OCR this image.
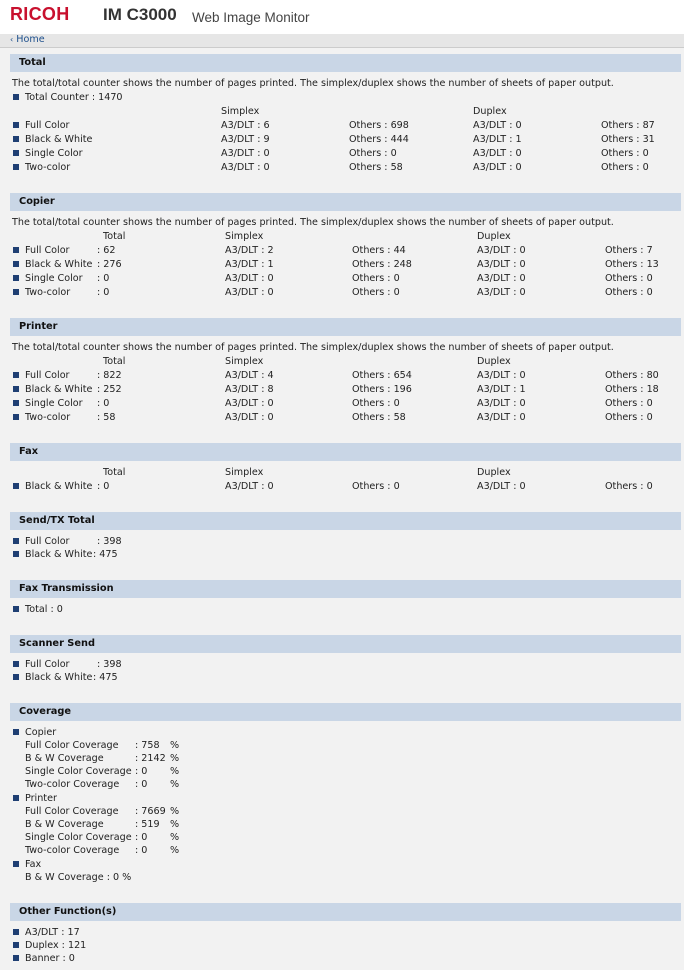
RICOH IM C3000 Web Image Monitor
‹ Home
Total
The total/total counter shows the number of pages printed. The simplex/duplex shows the number of sheets of paper output.
Total Counter : 1470
Simplex	Duplex
Full Color	A3/DLT : 6	Others : 698	A3/DLT : 0	Others : 87
Black & White	A3/DLT : 9	Others : 444	A3/DLT : 1	Others : 31
Single Color	A3/DLT : 0	Others : 0	A3/DLT : 0	Others : 0
Two-color	A3/DLT : 0	Others : 58	A3/DLT : 0	Others : 0
Copier
The total/total counter shows the number of pages printed. The simplex/duplex shows the number of sheets of paper output.
Total	Simplex	Duplex
Full Color	: 62	A3/DLT : 2	Others : 44	A3/DLT : 0	Others : 7
Black & White : 276	A3/DLT : 1	Others : 248	A3/DLT : 0	Others : 13
Single Color : 0	A3/DLT : 0	Others : 0	A3/DLT : 0	Others : 0
Two-color	: 0	A3/DLT : 0	Others : 0	A3/DLT : 0	Others : 0
Printer
The total/total counter shows the number of pages printed. The simplex/duplex shows the number of sheets of paper output.
Total	Simplex	Duplex
Full Color	: 822	A3/DLT : 4	Others : 654	A3/DLT : 0	Others : 80
Black & White : 252	A3/DLT : 8	Others : 196	A3/DLT : 1	Others : 18
Single Color : 0	A3/DLT : 0	Others : 0	A3/DLT : 0	Others : 0
Two-color	: 58	A3/DLT : 0	Others : 58	A3/DLT : 0	Others : 0
Fax
Total	Simplex	Duplex
Black & White : 0	A3/DLT : 0	Others : 0	A3/DLT : 0	Others : 0
Send/TX Total
Full Color	: 398
Black & White : 475
Fax Transmission
Total : 0
Scanner Send
Full Color	: 398
Black & White : 475
Coverage
Copier
Full Color Coverage : 758 %
B & W Coverage	: 2142 %
Single Color Coverage : 0 %
Two-color Coverage : 0 %
Printer
Full Color Coverage : 7669 %
B & W Coverage	: 519 %
Single Color Coverage : 0 %
Two-color Coverage : 0 %
Fax
B & W Coverage : 0 %
Other Function(s)
A3/DLT : 17
Duplex : 121
Banner : 0
